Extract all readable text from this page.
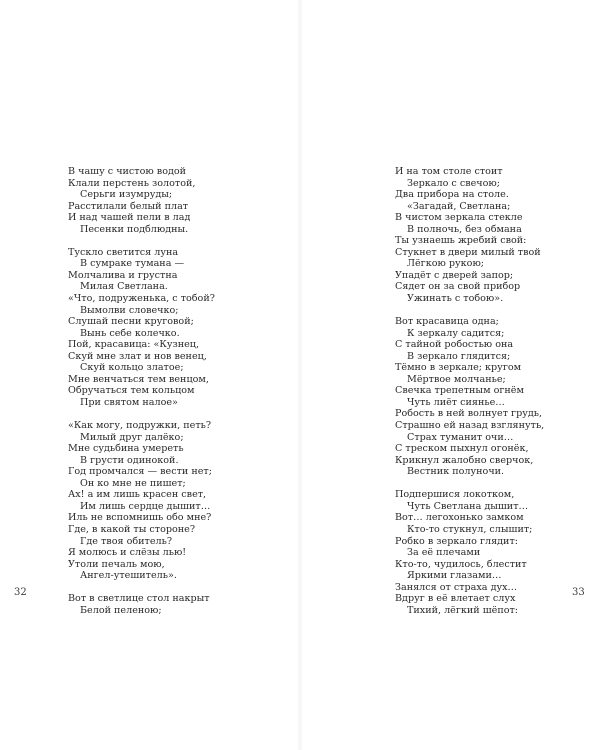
В чашу с чистою водой
Клали перстень золотой,
Серьги изумруды;
Расстилали белый плат
И над чашей пели в лад
Песенки подблюдны.
Тускло светится луна
В сумраке тумана —
Молчалива и грустна
Милая Светлана.
«Что, подруженька, с тобой?
Вымолви словечко;
Слушай песни круговой;
Вынь себе колечко.
Пой, красавица: «Кузнец,
Скуй мне злат и нов венец,
Скуй кольцо златое;
Мне венчаться тем венцом,
Обручаться тем кольцом
При святом налое»
«Как могу, подружки, петь?
Милый друг далёко;
Мне судьбина умереть
В грусти одинокой.
Год промчался — вести нет;
Он ко мне не пишет;
Ах! а им лишь красен свет,
Им лишь сердце дышит…
Иль не вспомнишь обо мне?
Где, в какой ты стороне?
Где твоя обитель?
Я молюсь и слёзы лью!
Утоли печаль мою,
Ангел-утешитель».
Вот в светлице стол накрыт
Белой пеленою;
И на том столе стоит
Зеркало с свечою;
Два прибора на столе.
«Загадай, Светлана;
В чистом зеркала стекле
В полночь, без обмана
Ты узнаешь жребий свой:
Стукнет в двери милый твой
Лёгкою рукою;
Упадёт с дверей запор;
Сядет он за свой прибор
Ужинать с тобою».
Вот красавица одна;
К зеркалу садится;
С тайной робостью она
В зеркало глядится;
Тёмно в зеркале; кругом
Мёртвое молчанье;
Свечка трепетным огнём
Чуть лиёт сиянье…
Робость в ней волнует грудь,
Страшно ей назад взглянуть,
Страх туманит очи…
С треском пыхнул огонёк,
Крикнул жалобно сверчок,
Вестник полуночи.
Подпершися локотком,
Чуть Светлана дышит…
Вот… легохонько замком
Кто-то стукнул, слышит;
Робко в зеркало глядит:
За её плечами
Кто-то, чудилось, блестит
Яркими глазами…
Занялся от страха дух…
Вдруг в её влетает слух
Тихий, лёгкий шёпот:
32	33
